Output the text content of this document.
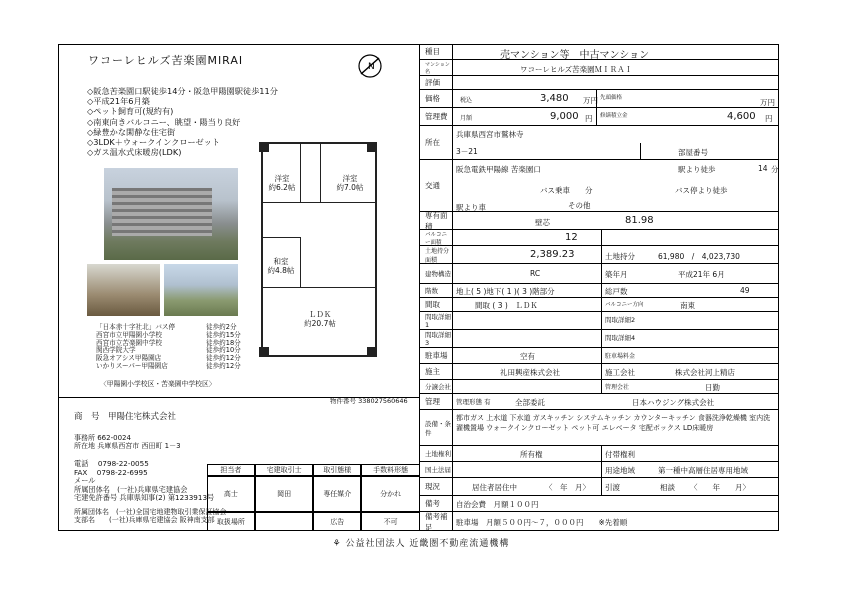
ワコーレヒルズ苦楽園MIRAI	N
◇阪急苦楽園口駅徒歩14分・阪急甲陽園駅徒歩11分
◇平成21年6月築
◇ペット飼育可(規約有)
◇南東向きバルコニー、眺望・陽当り良好
◇緑豊かな閑静な住宅街
◇3LDK＋ウォークインクローゼット
◇ガス温水式床暖房(LDK)
洋室
約6.2帖
洋室
約7.0帖
和室
約4.8帖
ＬＤＫ
約20.7帖
「日本赤十字社北」バス停	徒歩約2分
西宮市立甲陽園小学校	徒歩約15分
西宮市立苦楽園中学校	徒歩約18分
関西学院大学	徒歩約10分
阪急オアシス甲陽園店	徒歩約12分
いかりスーパー甲陽園店	徒歩約12分
〈甲陽園小学校区・苦楽園中学校区〉
物件番号 338027560646
商　号　 甲陽住宅株式会社
事務所 662-0024
所在地 兵庫県西宮市 西田町 1－3
電話　 0798-22-0055
FAX　 0798-22-6995
メール
所属団体名　(一社)兵庫県宅建協会
宅建免許番号 兵庫県知事(2) 第1233913号
所属団体名　(一社)全国宅地建物取引業保証協会
支部名　　(一社)兵庫県宅建協会 阪神南支部
担当者	宅建取引士	取引態様	手数料形態
高士	岡田	専任媒介	分かれ
取扱場所		広告	不可
種目	売マンション等　中古マンション
マンション名	ワコーレヒルズ苦楽園ＭＩＲＡＩ
評価
価格	税込	3,480 万円 先頭価格	万円
管理費	月額	9,000 円 修繕積立金	4,600 円
所在
兵庫県西宮市鷲林寺
3－21	部屋番号
交通
阪急電鉄甲陽線 苦楽園口	駅より徒歩	14 分
バス乗車　　分	バス停より徒歩
駅より車	その他
専有面積	壁芯	81.98
バルコニー面積	12
土地持分
面積	2,389.23	土地持分	61,980　/　4,023,730
建物構造	RC	築年月	平成21年 6月
階数	地上( 5 )地下( 1 )( 3 )階部分	総戸数	49
間取	間取 ( 3 )　ＬＤＫ	バルコニー方向	南東
間取詳細1
間取詳細2
間取詳細3
間取詳細4
駐車場	空有	駐車場料金
施主	礼田興産株式会社	施工会社	株式会社河上精店
分譲会社	管理会社	日勤
管理	管理形態 有	全部委託	日本ハウジング株式会社
設備・条件
都市ガス 上水道 下水道 ガスキッチン システムキッチン カウンターキッチン 食器洗浄乾燥機 室内洗濯機置場 ウォークインクローゼット ペット可 エレベータ 宅配ボックス LD床暖房
土地権利	所有権	付帯権利
国土法届	用途地域	第一種中高層住居専用地域
現況	居住者居住中	〈　年　月〉 引渡	相談 〈　　年　　月〉
備考	自治会費　月額１００円
備考補足	駐車場　月額５００円～７，０００円　　※先着順
⚘ 公益社団法人 近畿圏不動産流通機構
